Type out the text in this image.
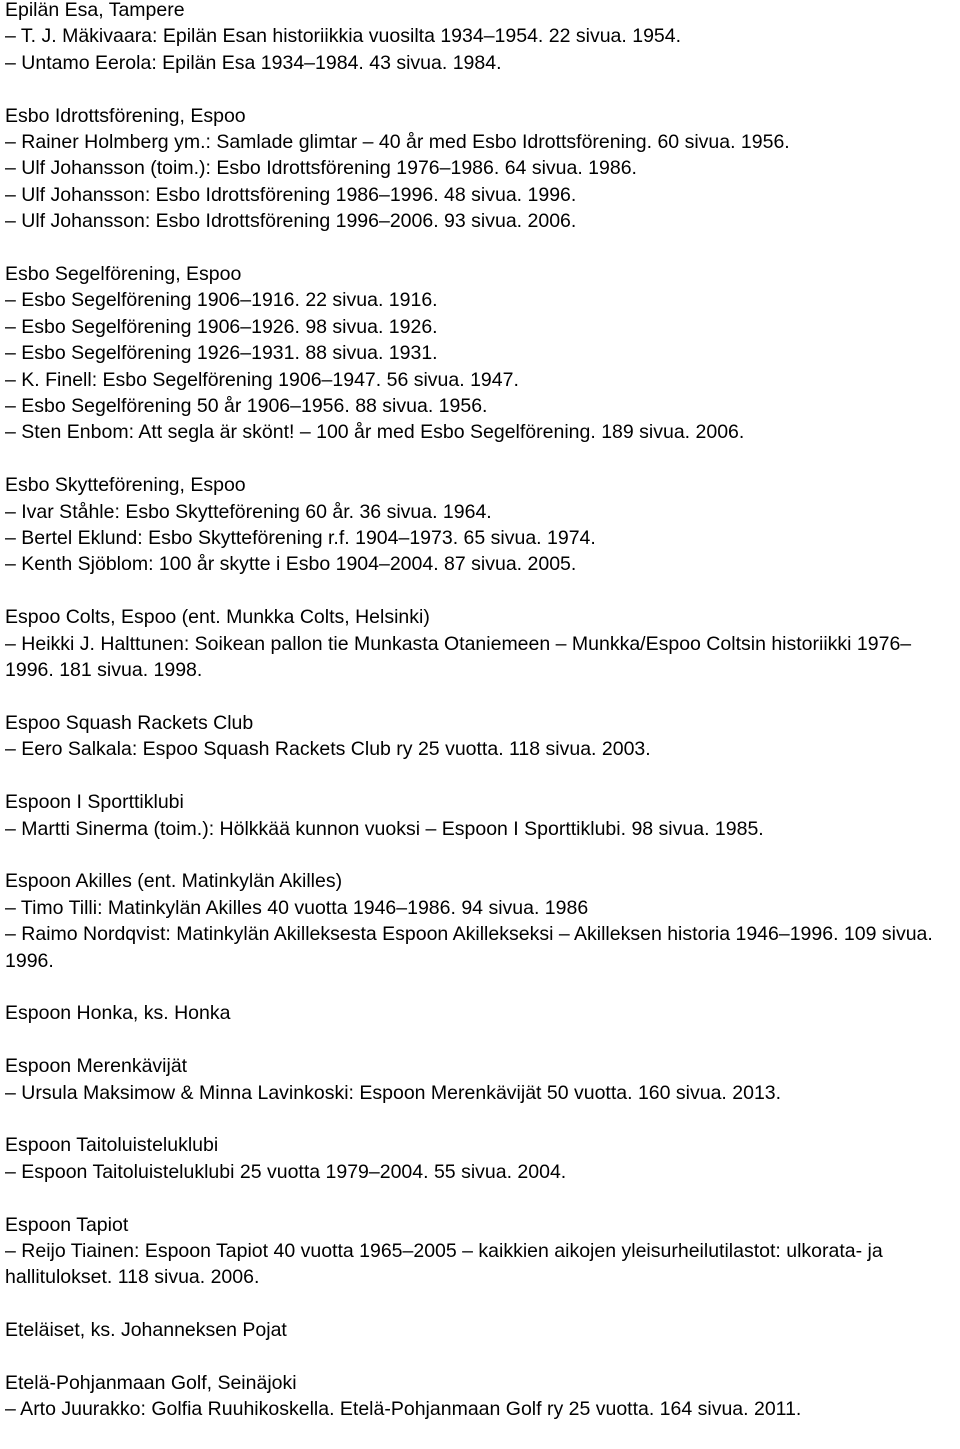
Epilän Esa, Tampere
– T. J. Mäkivaara: Epilän Esan historiikkia vuosilta 1934–1954. 22 sivua. 1954.
– Untamo Eerola: Epilän Esa 1934–1984. 43 sivua. 1984.
Esbo Idrottsförening, Espoo
– Rainer Holmberg ym.: Samlade glimtar – 40 år med Esbo Idrottsförening. 60 sivua. 1956.
– Ulf Johansson (toim.): Esbo Idrottsförening 1976–1986. 64 sivua. 1986.
– Ulf Johansson: Esbo Idrottsförening 1986–1996. 48 sivua. 1996.
– Ulf Johansson: Esbo Idrottsförening 1996–2006. 93 sivua. 2006.
Esbo Segelförening, Espoo
– Esbo Segelförening 1906–1916. 22 sivua. 1916.
– Esbo Segelförening 1906–1926. 98 sivua. 1926.
– Esbo Segelförening 1926–1931. 88 sivua. 1931.
– K. Finell: Esbo Segelförening 1906–1947. 56 sivua. 1947.
– Esbo Segelförening 50 år 1906–1956. 88 sivua. 1956.
– Sten Enbom: Att segla är skönt! – 100 år med Esbo Segelförening. 189 sivua. 2006.
Esbo Skytteförening, Espoo
– Ivar Ståhle: Esbo Skytteförening 60 år. 36 sivua. 1964.
– Bertel Eklund: Esbo Skytteförening r.f. 1904–1973. 65 sivua. 1974.
– Kenth Sjöblom: 100 år skytte i Esbo 1904–2004. 87 sivua. 2005.
Espoo Colts, Espoo (ent. Munkka Colts, Helsinki)
– Heikki J. Halttunen: Soikean pallon tie Munkasta Otaniemeen – Munkka/Espoo Coltsin historiikki 1976–1996. 181 sivua. 1998.
Espoo Squash Rackets Club
– Eero Salkala: Espoo Squash Rackets Club ry 25 vuotta. 118 sivua. 2003.
Espoon I Sporttiklubi
– Martti Sinerma (toim.): Hölkkää kunnon vuoksi – Espoon I Sporttiklubi. 98 sivua. 1985.
Espoon Akilles (ent. Matinkylän Akilles)
– Timo Tilli: Matinkylän Akilles 40 vuotta 1946–1986. 94 sivua. 1986
– Raimo Nordqvist: Matinkylän Akilleksesta Espoon Akillekseksi – Akilleksen historia 1946–1996. 109 sivua. 1996.
Espoon Honka, ks. Honka
Espoon Merenkävijät
– Ursula Maksimow & Minna Lavinkoski: Espoon Merenkävijät 50 vuotta. 160 sivua. 2013.
Espoon Taitoluisteluklubi
– Espoon Taitoluisteluklubi 25 vuotta 1979–2004. 55 sivua. 2004.
Espoon Tapiot
– Reijo Tiainen: Espoon Tapiot 40 vuotta 1965–2005 – kaikkien aikojen yleisurheilutilastot: ulkorata- ja hallitulokset. 118 sivua. 2006.
Eteläiset, ks. Johanneksen Pojat
Etelä-Pohjanmaan Golf, Seinäjoki
– Arto Juurakko: Golfia Ruuhikoskella. Etelä-Pohjanmaan Golf ry 25 vuotta. 164 sivua. 2011.
